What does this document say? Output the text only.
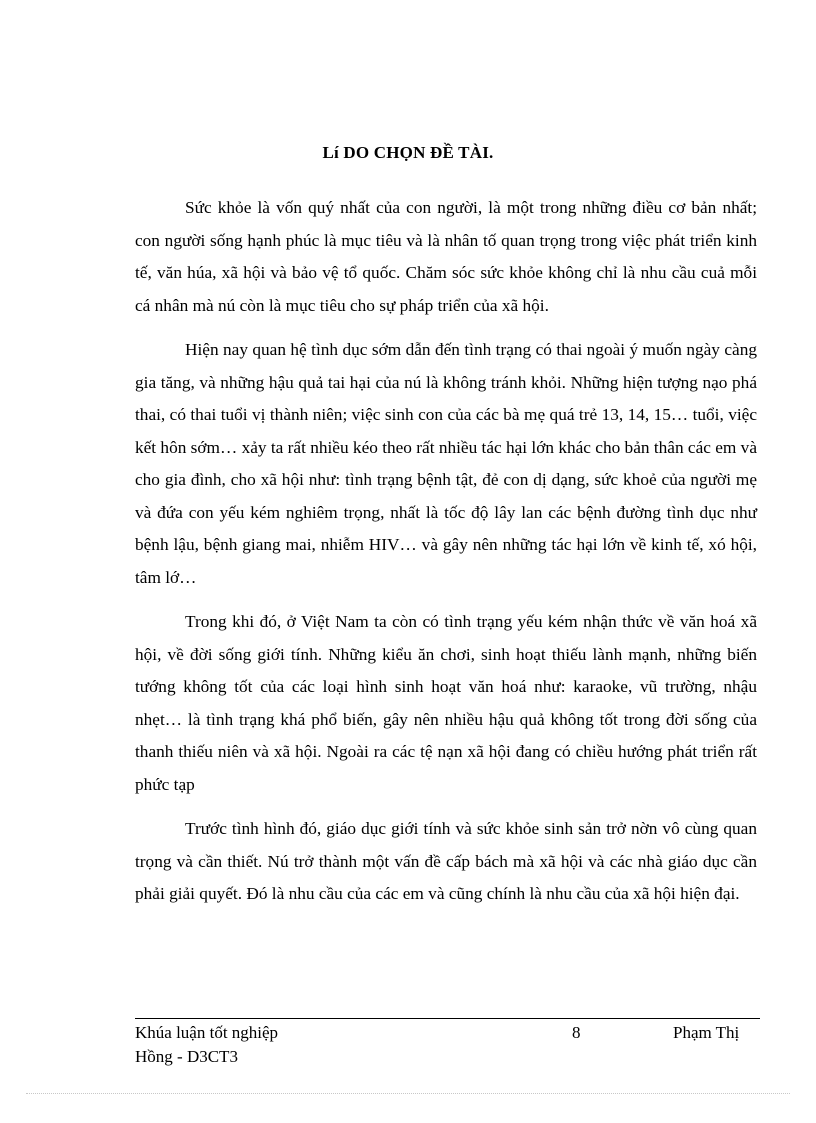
Lí DO CHỌN ĐỀ TÀI.

Sức khỏe là vốn quý nhất của con người, là một trong những điều cơ bản nhất; con người sống hạnh phúc là mục tiêu và là nhân tố quan trọng trong việc phát triển kinh tế, văn húa, xã hội và bảo vệ tổ quốc. Chăm sóc sức khỏe không chỉ là nhu cầu cuả mỗi cá nhân mà nú còn là mục tiêu cho sự pháp triển của xã hội.

Hiện nay quan hệ tình dục sớm dẫn đến tình trạng có thai ngoài ý muốn ngày càng gia tăng, và những hậu quả tai hại của nú là không tránh khỏi. Những hiện tượng nạo phá thai, có thai tuổi vị thành niên; việc sinh con của các bà mẹ quá trẻ 13, 14, 15… tuổi, việc kết hôn sớm… xảy ta rất nhiều kéo theo rất nhiều tác hại lớn khác cho bản thân các em và cho gia đình, cho xã hội như: tình trạng bệnh tật, đẻ con dị dạng, sức khoẻ của người mẹ và đứa con yếu kém nghiêm trọng, nhất là tốc độ lây lan các bệnh đường tình dục như bệnh lậu, bệnh giang mai, nhiễm HIV… và gây nên những tác hại lớn về kinh tế, xó hội, tâm lớ…

Trong khi đó, ở Việt Nam ta còn có tình trạng yếu kém nhận thức về văn hoá xã hội, về đời sống giới tính. Những kiểu ăn chơi, sinh hoạt thiếu lành mạnh, những biến tướng không tốt của các loại hình sinh hoạt văn hoá như: karaoke, vũ trường, nhậu nhẹt… là tình trạng khá phổ biến, gây nên nhiều hậu quả không tốt trong đời sống của thanh thiếu niên và xã hội. Ngoài ra các tệ nạn xã hội đang có chiều hướng phát triển rất phức tạp

Trước tình hình đó, giáo dục giới tính và sức khỏe sinh sản trở nờn vô cùng quan trọng và cần thiết. Nú trở thành một vấn đề cấp bách mà xã hội và các nhà giáo dục cần phải giải quyết. Đó là nhu cầu của các em và cũng chính là nhu cầu của xã hội hiện đại.

Khúa luận tốt nghiệp	8	Phạm Thị
Hồng - D3CT3
